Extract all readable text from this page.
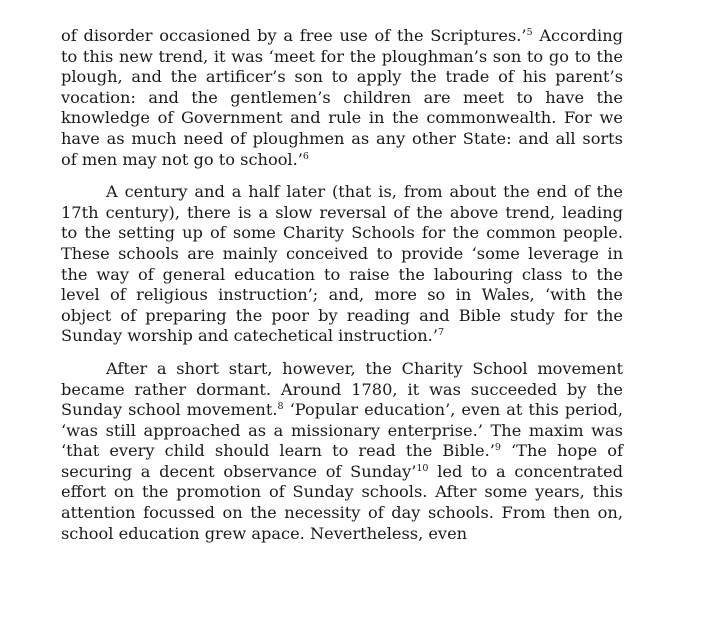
of disorder occasioned by a free use of the Scriptures.’$^5$ According to this new trend, it was ‘meet for the ploughman’s son to go to the plough, and the artificer’s son to apply the trade of his parent’s vocation: and the gentlemen’s children are meet to have the knowledge of Government and rule in the commonwealth. For we have as much need of ploughmen as any other State: and all sorts of men may not go to school.’$^6$

A century and a half later (that is, from about the end of the 17th century), there is a slow reversal of the above trend, leading to the setting up of some Charity Schools for the common people. These schools are mainly conceived to provide ‘some leverage in the way of general education to raise the labouring class to the level of religious instruction’; and, more so in Wales, ‘with the object of preparing the poor by reading and Bible study for the Sunday worship and catechetical instruction.’$^7$

After a short start, however, the Charity School movement became rather dormant. Around 1780, it was succeeded by the Sunday school movement.$^8$ ‘Popular education’, even at this period, ‘was still approached as a missionary enterprise.’ The maxim was ‘that every child should learn to read the Bible.’$^9$ ‘The hope of securing a decent observance of Sunday’$^{10}$ led to a concentrated effort on the promotion of Sunday schools. After some years, this attention focussed on the necessity of day schools. From then on, school education grew apace. Nevertheless, even
